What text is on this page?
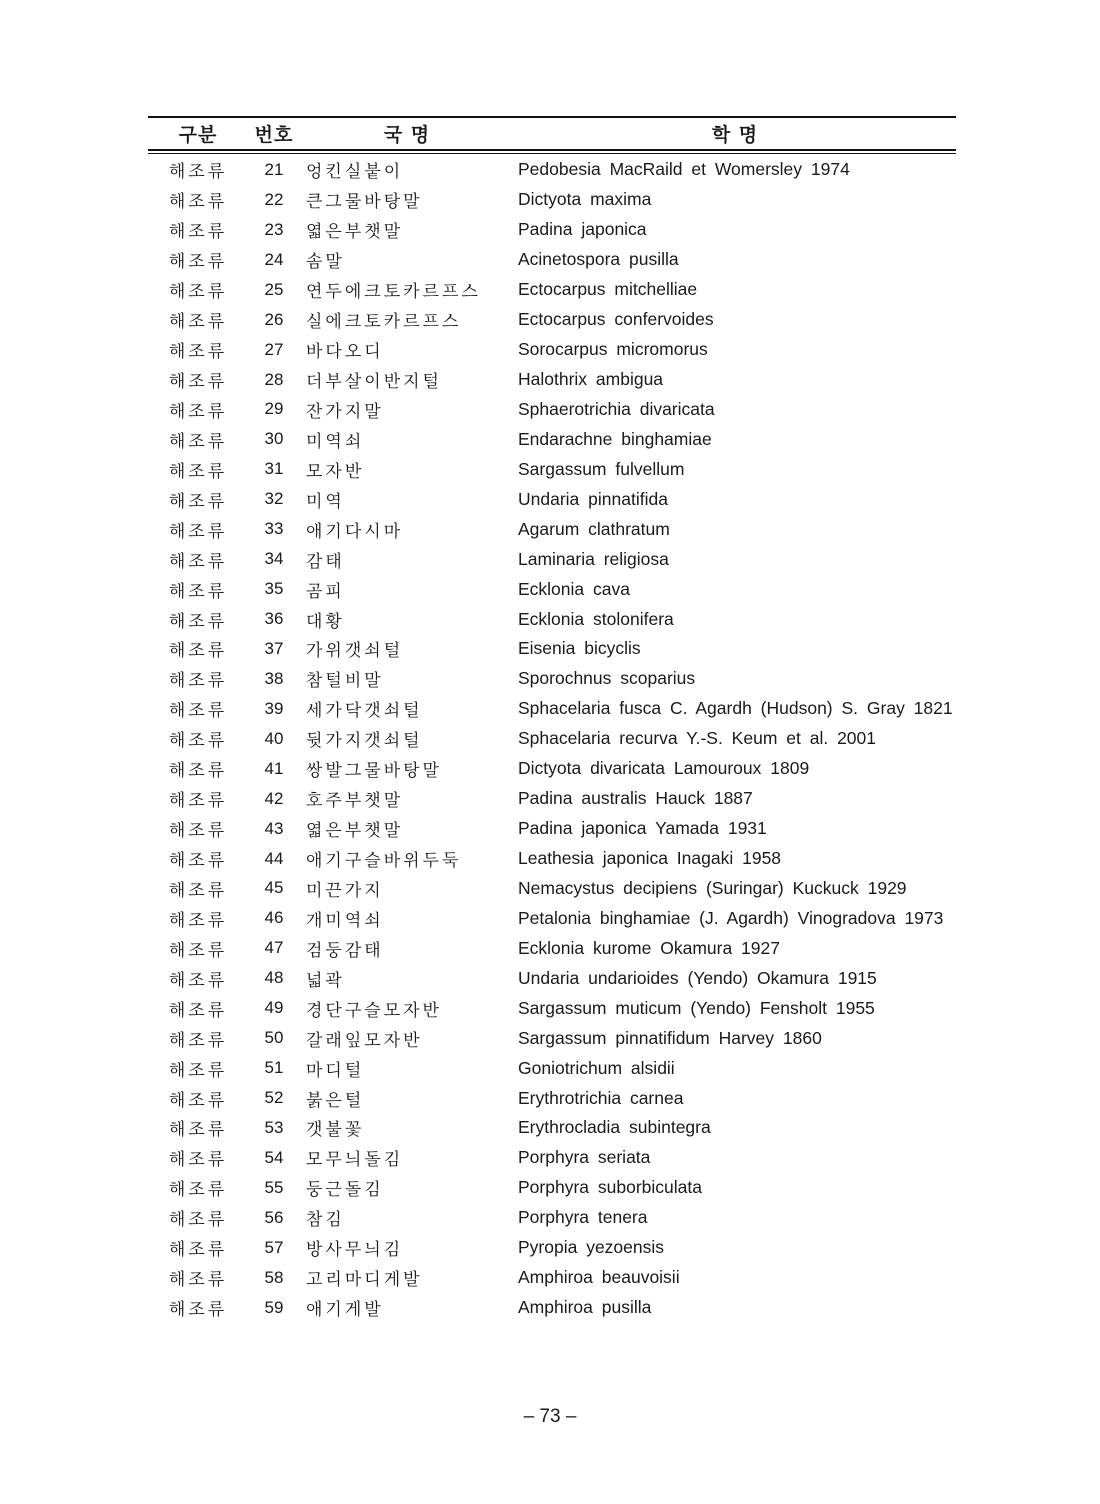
구분	번호	국 명	학 명
해조류	21	엉킨실붙이	Pedobesia MacRaild et Womersley 1974
해조류	22	큰그물바탕말	Dictyota maxima
해조류	23	엷은부챗말	Padina japonica
해조류	24	솜말	Acinetospora pusilla
해조류	25	연두에크토카르프스	Ectocarpus mitchelliae
해조류	26	실에크토카르프스	Ectocarpus confervoides
해조류	27	바다오디	Sorocarpus micromorus
해조류	28	더부살이반지털	Halothrix ambigua
해조류	29	잔가지말	Sphaerotrichia divaricata
해조류	30	미역쇠	Endarachne binghamiae
해조류	31	모자반	Sargassum fulvellum
해조류	32	미역	Undaria pinnatifida
해조류	33	애기다시마	Agarum clathratum
해조류	34	감태	Laminaria religiosa
해조류	35	곰피	Ecklonia cava
해조류	36	대황	Ecklonia stolonifera
해조류	37	가위갯쇠털	Eisenia bicyclis
해조류	38	참털비말	Sporochnus scoparius
해조류	39	세가닥갯쇠털	Sphacelaria fusca C. Agardh (Hudson) S. Gray 1821
해조류	40	뒷가지갯쇠털	Sphacelaria recurva Y.-S. Keum et al. 2001
해조류	41	쌍발그물바탕말	Dictyota divaricata Lamouroux 1809
해조류	42	호주부챗말	Padina australis Hauck 1887
해조류	43	엷은부챗말	Padina japonica Yamada 1931
해조류	44	애기구슬바위두둑	Leathesia japonica Inagaki 1958
해조류	45	미끈가지	Nemacystus decipiens (Suringar) Kuckuck 1929
해조류	46	개미역쇠	Petalonia binghamiae (J. Agardh) Vinogradova 1973
해조류	47	검둥감태	Ecklonia kurome Okamura 1927
해조류	48	넓곽	Undaria undarioides (Yendo) Okamura 1915
해조류	49	경단구슬모자반	Sargassum muticum (Yendo) Fensholt 1955
해조류	50	갈래잎모자반	Sargassum pinnatifidum Harvey 1860
해조류	51	마디털	Goniotrichum alsidii
해조류	52	붉은털	Erythrotrichia carnea
해조류	53	갯불꽃	Erythrocladia subintegra
해조류	54	모무늬돌김	Porphyra seriata
해조류	55	둥근돌김	Porphyra suborbiculata
해조류	56	참김	Porphyra tenera
해조류	57	방사무늬김	Pyropia yezoensis
해조류	58	고리마디게발	Amphiroa beauvoisii
해조류	59	애기게발	Amphiroa pusilla
– 73 –
